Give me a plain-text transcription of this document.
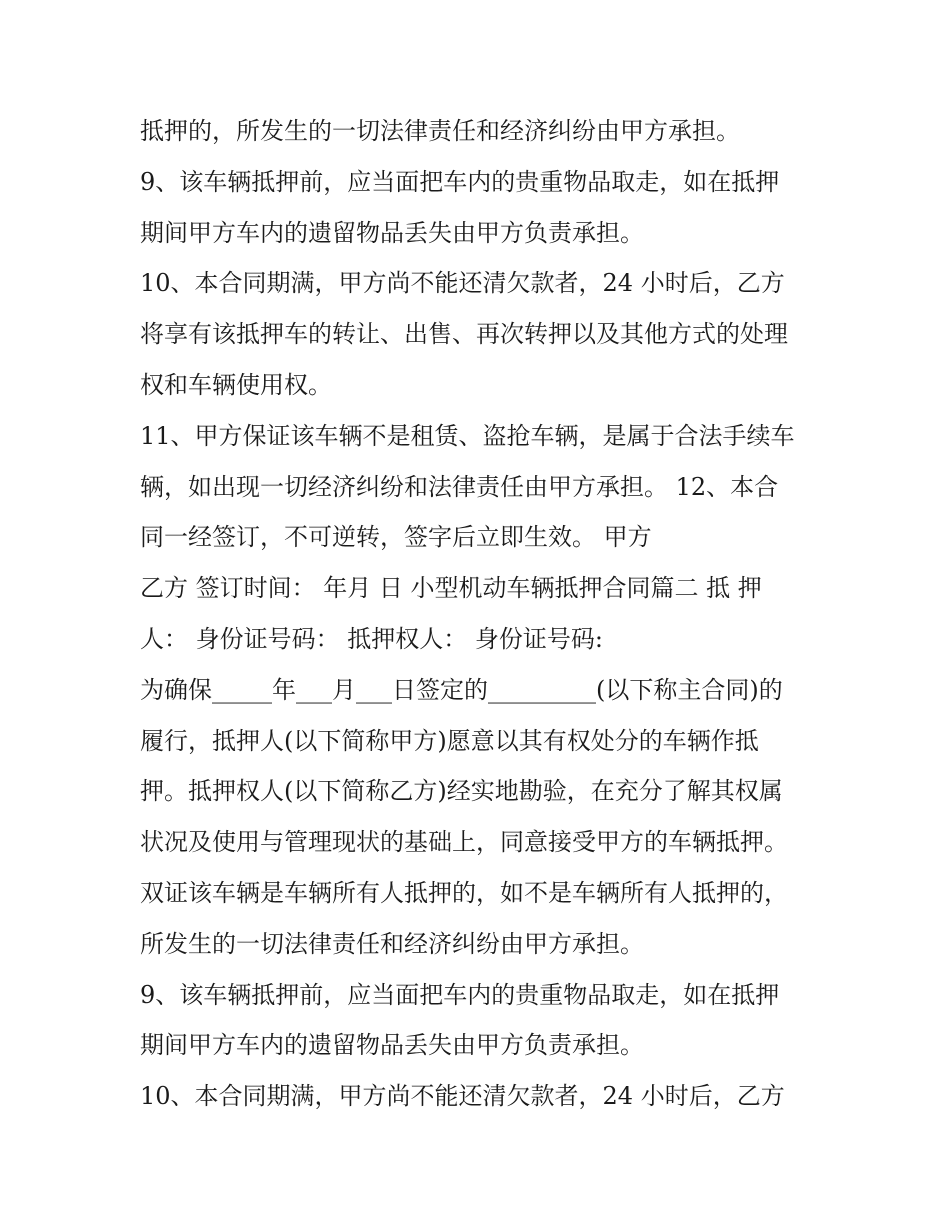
抵押的，所发生的一切法律责任和经济纠纷由甲方承担。
9、该车辆抵押前，应当面把车内的贵重物品取走，如在抵押
期间甲方车内的遗留物品丢失由甲方负责承担。
10、本合同期满，甲方尚不能还清欠款者，24 小时后，乙方
将享有该抵押车的转让、出售、再次转押以及其他方式的处理
权和车辆使用权。
11、甲方保证该车辆不是租赁、盗抢车辆，是属于合法手续车
辆，如出现一切经济纠纷和法律责任由甲方承担。 12、本合
同一经签订，不可逆转，签字后立即生效。 甲方
乙方 签订时间： 年月 日 小型机动车辆抵押合同篇二 抵 押
人： 身份证号码： 抵押权人： 身份证号码:
为确保_____年___月___日签定的_________(以下称主合同)的
履行，抵押人(以下简称甲方)愿意以其有权处分的车辆作抵
押。抵押权人(以下简称乙方)经实地勘验，在充分了解其权属
状况及使用与管理现状的基础上，同意接受甲方的车辆抵押。
双证该车辆是车辆所有人抵押的，如不是车辆所有人抵押的，
所发生的一切法律责任和经济纠纷由甲方承担。
9、该车辆抵押前，应当面把车内的贵重物品取走，如在抵押
期间甲方车内的遗留物品丢失由甲方负责承担。
10、本合同期满，甲方尚不能还清欠款者，24 小时后，乙方
